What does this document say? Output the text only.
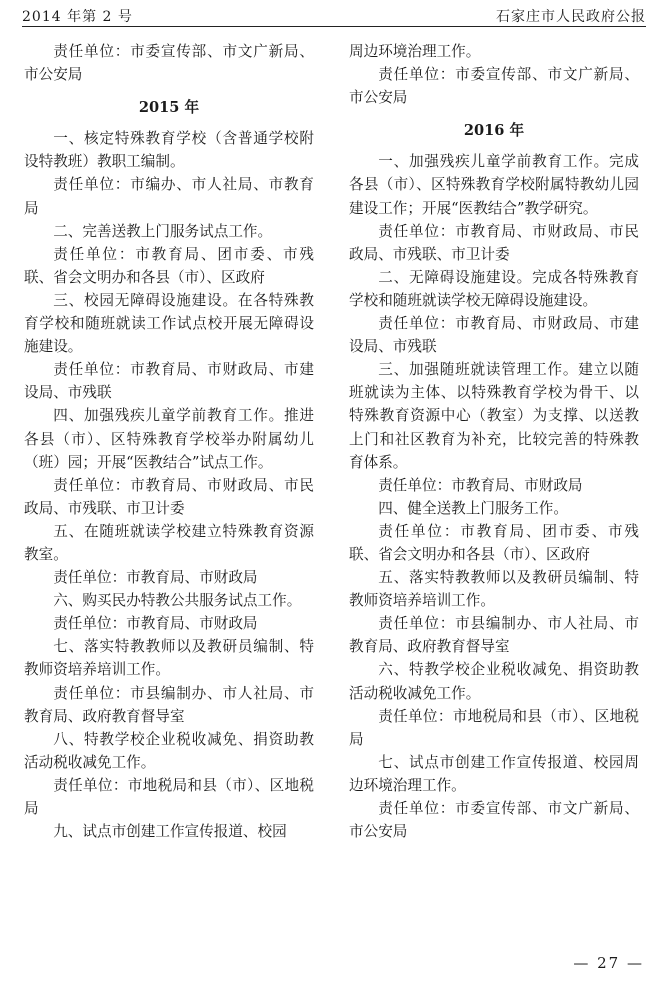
2014 年第 2 号	石家庄市人民政府公报

责任单位：市委宣传部、市文广新局、市公安局

2015 年

一、核定特殊教育学校（含普通学校附设特教班）教职工编制。

责任单位：市编办、市人社局、市教育局

二、完善送教上门服务试点工作。

责任单位：市教育局、团市委、市残联、省会文明办和各县（市）、区政府

三、校园无障碍设施建设。在各特殊教育学校和随班就读工作试点校开展无障碍设施建设。

责任单位：市教育局、市财政局、市建设局、市残联

四、加强残疾儿童学前教育工作。推进各县（市）、区特殊教育学校举办附属幼儿（班）园；开展“医教结合”试点工作。

责任单位：市教育局、市财政局、市民政局、市残联、市卫计委

五、在随班就读学校建立特殊教育资源教室。

责任单位：市教育局、市财政局

六、购买民办特教公共服务试点工作。

责任单位：市教育局、市财政局

七、落实特教教师以及教研员编制、特教师资培养培训工作。

责任单位：市县编制办、市人社局、市教育局、政府教育督导室

八、特教学校企业税收减免、捐资助教活动税收减免工作。

责任单位：市地税局和县（市）、区地税局

九、试点市创建工作宣传报道、校园

周边环境治理工作。

责任单位：市委宣传部、市文广新局、市公安局

2016 年

一、加强残疾儿童学前教育工作。完成各县（市）、区特殊教育学校附属特教幼儿园建设工作；开展“医教结合”教学研究。

责任单位：市教育局、市财政局、市民政局、市残联、市卫计委

二、无障碍设施建设。完成各特殊教育学校和随班就读学校无障碍设施建设。

责任单位：市教育局、市财政局、市建设局、市残联

三、加强随班就读管理工作。建立以随班就读为主体、以特殊教育学校为骨干、以特殊教育资源中心（教室）为支撑、以送教上门和社区教育为补充，比较完善的特殊教育体系。

责任单位：市教育局、市财政局

四、健全送教上门服务工作。

责任单位：市教育局、团市委、市残联、省会文明办和各县（市）、区政府

五、落实特教教师以及教研员编制、特教师资培养培训工作。

责任单位：市县编制办、市人社局、市教育局、政府教育督导室

六、特教学校企业税收减免、捐资助教活动税收减免工作。

责任单位：市地税局和县（市）、区地税局

七、试点市创建工作宣传报道、校园周边环境治理工作。

责任单位：市委宣传部、市文广新局、市公安局

— 27 —
